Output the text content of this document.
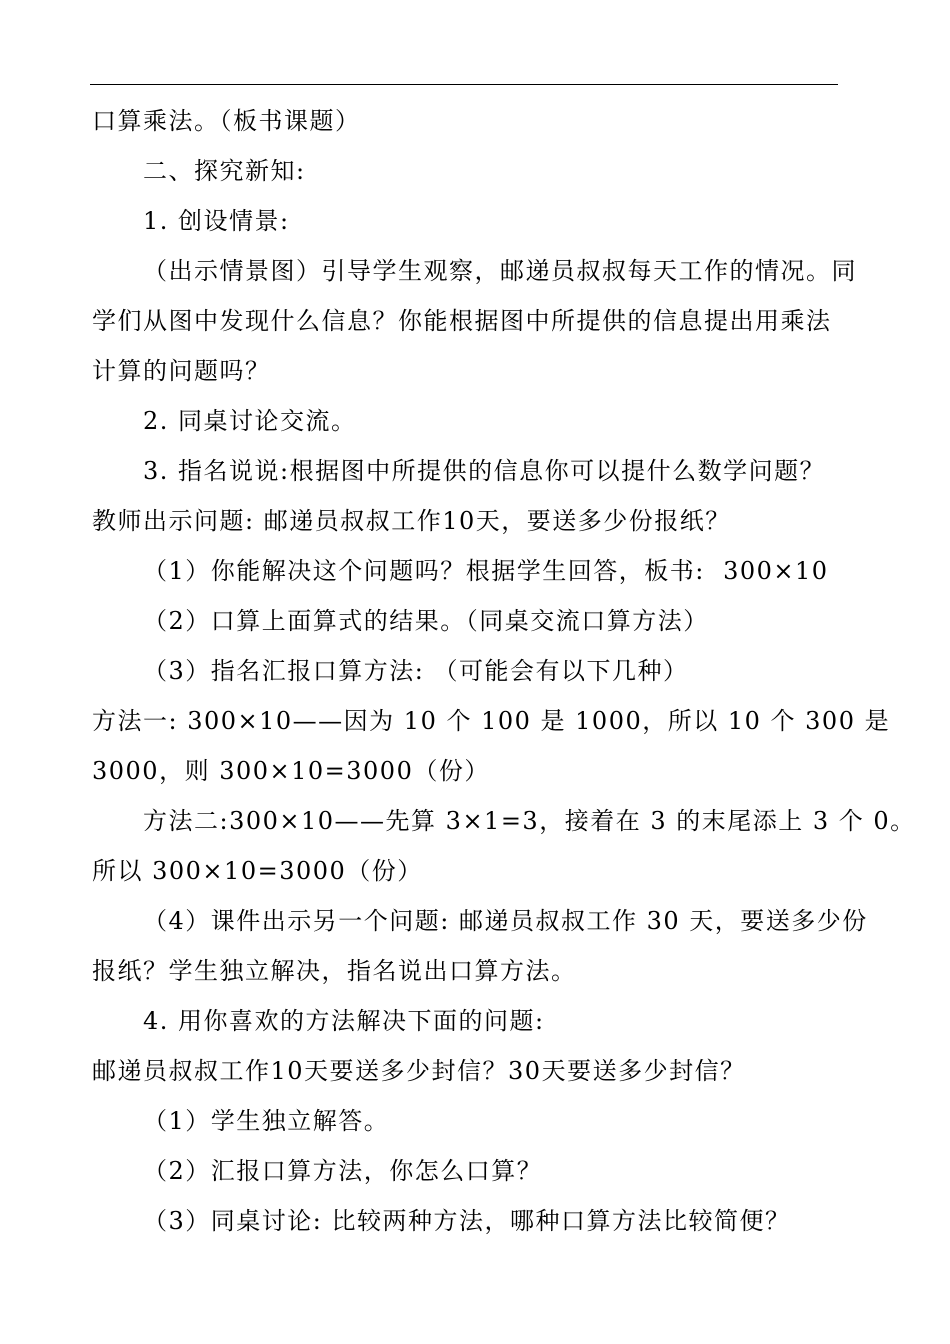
口算乘法。（板书课题）
二、探究新知:
1. 创设情景:
（出示情景图）引导学生观察，邮递员叔叔每天工作的情况。同
学们从图中发现什么信息？你能根据图中所提供的信息提出用乘法
计算的问题吗？
2. 同桌讨论交流。
3. 指名说说:根据图中所提供的信息你可以提什么数学问题？
教师出示问题: 邮递员叔叔工作10天，要送多少份报纸？
（1）你能解决这个问题吗？根据学生回答，板书:  300×10
（2）口算上面算式的结果。（同桌交流口算方法）
（3）指名汇报口算方法: （可能会有以下几种）
方法一: 300×10——因为 10 个 100 是 1000，所以 10 个 300 是
3000，则 300×10=3000（份）
方法二:300×10——先算 3×1=3，接着在 3 的末尾添上 3 个 0。
所以 300×10=3000（份）
（4）课件出示另一个问题: 邮递员叔叔工作 30 天，要送多少份
报纸？学生独立解决，指名说出口算方法。
4. 用你喜欢的方法解决下面的问题:
邮递员叔叔工作10天要送多少封信？30天要送多少封信？
（1）学生独立解答。
（2）汇报口算方法，你怎么口算？
（3）同桌讨论: 比较两种方法，哪种口算方法比较简便？
